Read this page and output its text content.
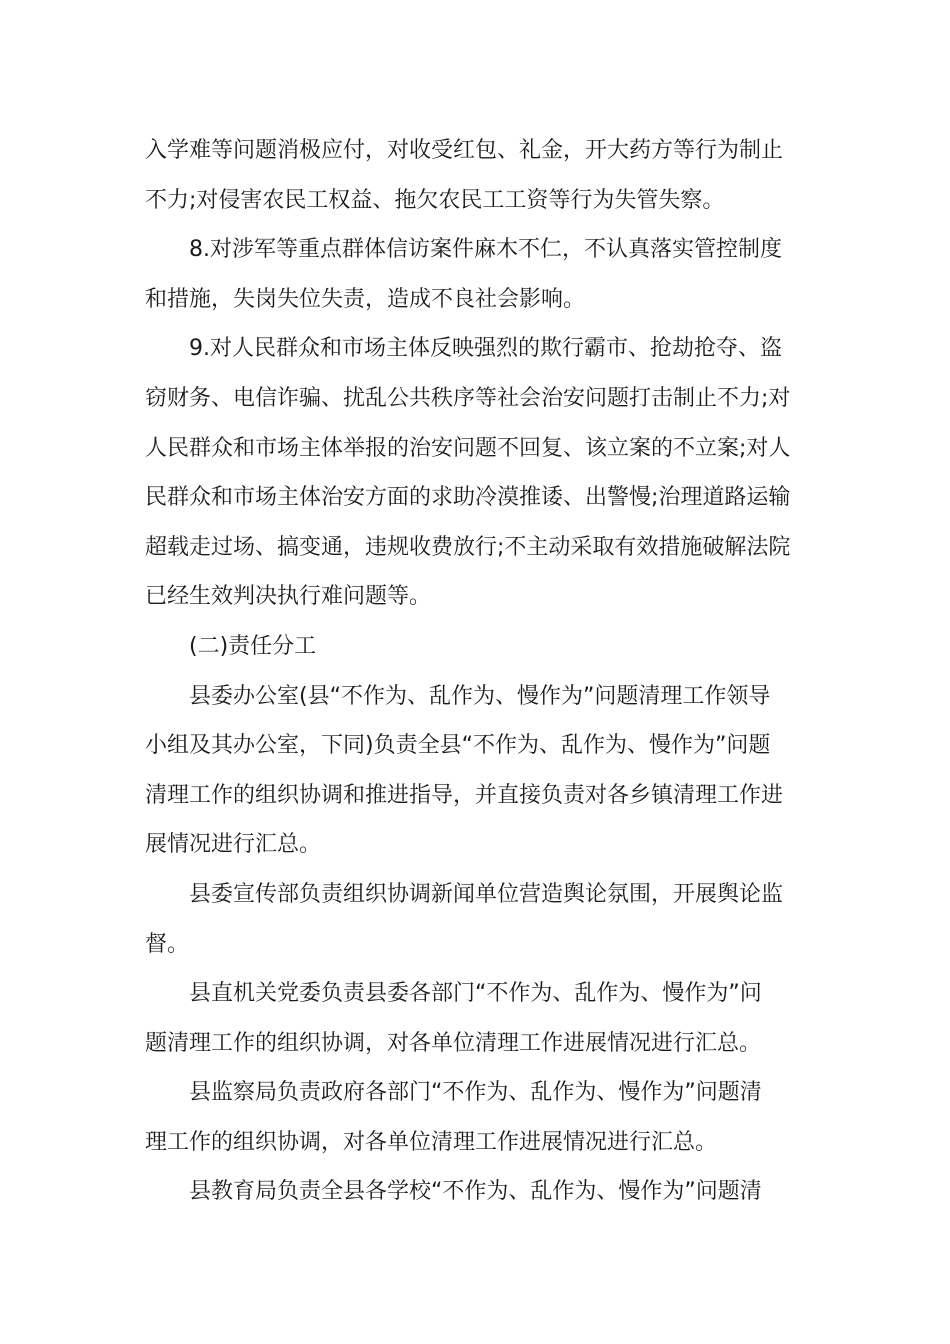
入学难等问题消极应付，对收受红包、礼金，开大药方等行为制止
不力;对侵害农民工权益、拖欠农民工工资等行为失管失察。
8.对涉军等重点群体信访案件麻木不仁，不认真落实管控制度
和措施，失岗失位失责，造成不良社会影响。
9.对人民群众和市场主体反映强烈的欺行霸市、抢劫抢夺、盗
窃财务、电信诈骗、扰乱公共秩序等社会治安问题打击制止不力;对
人民群众和市场主体举报的治安问题不回复、该立案的不立案;对人
民群众和市场主体治安方面的求助冷漠推诿、出警慢;治理道路运输
超载走过场、搞变通，违规收费放行;不主动采取有效措施破解法院
已经生效判决执行难问题等。
(二)责任分工
县委办公室(县“不作为、乱作为、慢作为”问题清理工作领导
小组及其办公室，下同)负责全县“不作为、乱作为、慢作为”问题
清理工作的组织协调和推进指导，并直接负责对各乡镇清理工作进
展情况进行汇总。
县委宣传部负责组织协调新闻单位营造舆论氛围，开展舆论监
督。
县直机关党委负责县委各部门“不作为、乱作为、慢作为”问
题清理工作的组织协调，对各单位清理工作进展情况进行汇总。
县监察局负责政府各部门“不作为、乱作为、慢作为”问题清
理工作的组织协调，对各单位清理工作进展情况进行汇总。
县教育局负责全县各学校“不作为、乱作为、慢作为”问题清
